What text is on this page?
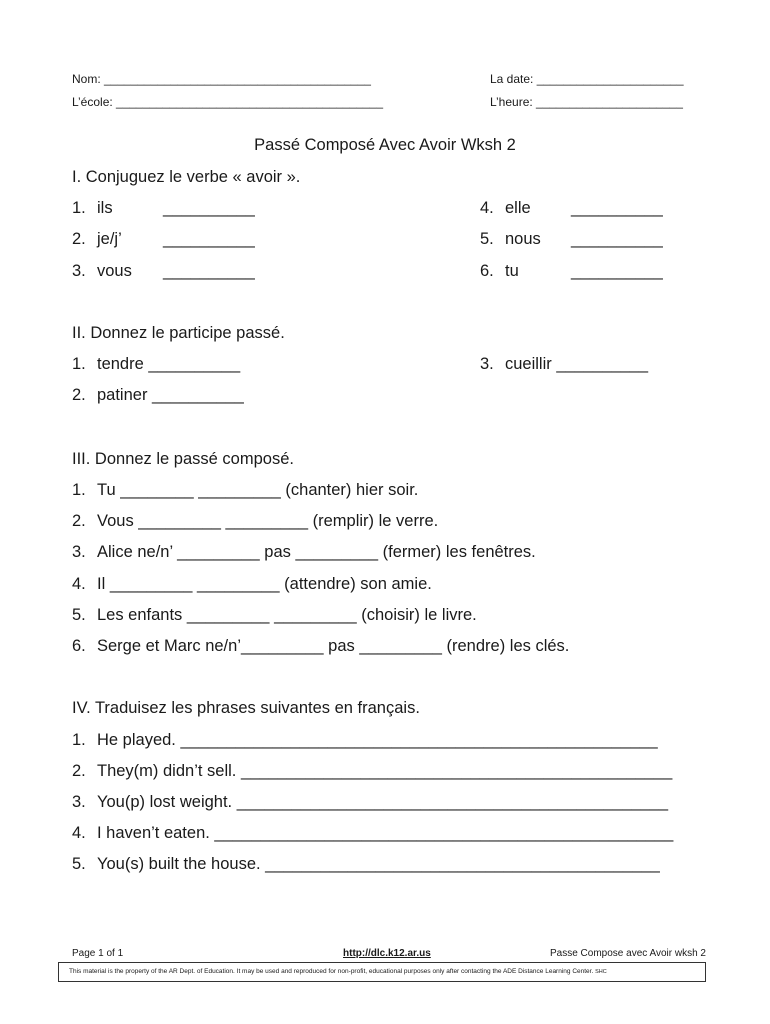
Nom: ________________________________________	La date: ______________________
L’école: ________________________________________	L’heure: ______________________
Passé Composé Avec Avoir Wksh 2
I. Conjuguez le verbe « avoir ».
1. ils	__________
2. je/j’ __________
3. vous __________
4. elle __________
5. nous __________
6. tu	__________
II. Donnez le participe passé.
1. tendre __________
2. patiner __________
3. cueillir __________
III. Donnez le passé composé.
1. Tu ________ _________ (chanter) hier soir.
2. Vous _________ _________ (remplir) le verre.
3. Alice ne/n’ _________ pas _________ (fermer) les fenêtres.
4. Il _________ _________ (attendre) son amie.
5. Les enfants _________ _________ (choisir) le livre.
6. Serge et Marc ne/n’_________ pas _________ (rendre) les clés.
IV. Traduisez les phrases suivantes en français.
1. He played. ____________________________________________________
2. They(m) didn’t sell. _______________________________________________
3. You(p) lost weight. _______________________________________________
4. I haven’t eaten. __________________________________________________
5. You(s) built the house. ___________________________________________
Page 1 of 1	http://dlc.k12.ar.us	Passe Compose avec Avoir wksh 2
This material is the property of the AR Dept. of Education. It may be used and reproduced for non-profit, educational purposes only after contacting the ADE Distance Learning Center. SHC
